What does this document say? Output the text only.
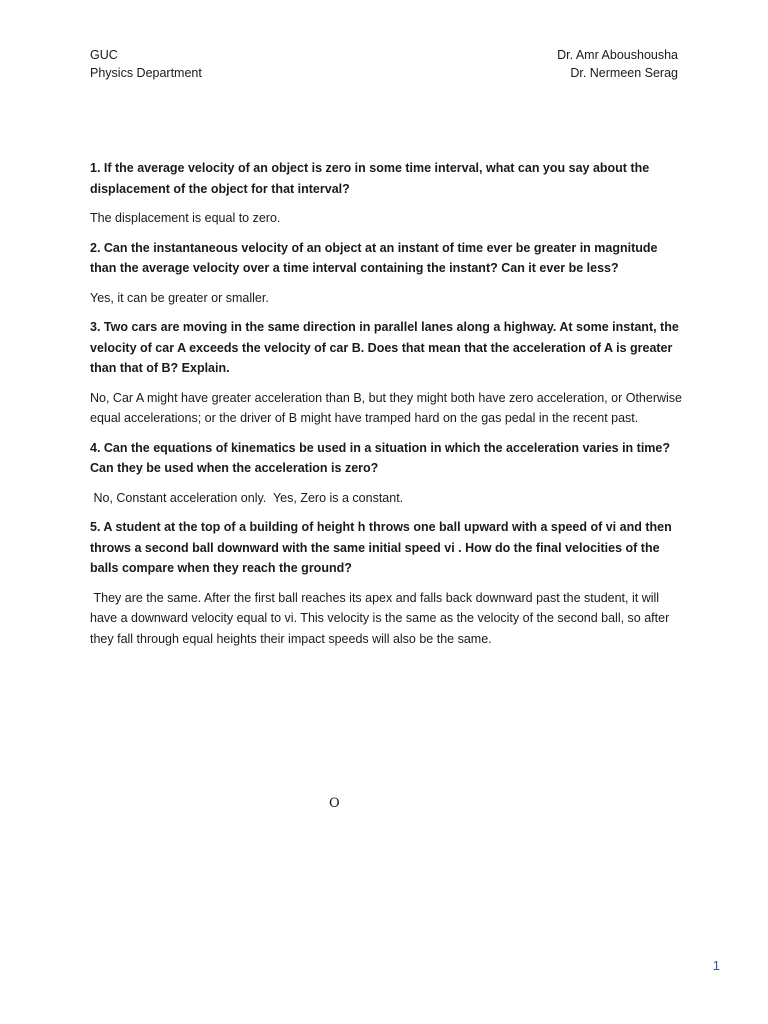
GUC
Physics Department
Dr. Amr Aboushousha
Dr. Nermeen Serag

1. If the average velocity of an object is zero in some time interval, what can you say about the displacement of the object for that interval?

The displacement is equal to zero.

2. Can the instantaneous velocity of an object at an instant of time ever be greater in magnitude than the average velocity over a time interval containing the instant? Can it ever be less?

Yes, it can be greater or smaller.

3. Two cars are moving in the same direction in parallel lanes along a highway. At some instant, the velocity of car A exceeds the velocity of car B. Does that mean that the acceleration of A is greater than that of B? Explain.

No, Car A might have greater acceleration than B, but they might both have zero acceleration, or Otherwise equal accelerations; or the driver of B might have tramped hard on the gas pedal in the recent past.

4. Can the equations of kinematics be used in a situation in which the acceleration varies in time? Can they be used when the acceleration is zero?

No, Constant acceleration only.  Yes, Zero is a constant.

5. A student at the top of a building of height h throws one ball upward with a speed of vi and then throws a second ball downward with the same initial speed vi . How do the final velocities of the balls compare when they reach the ground?

They are the same. After the first ball reaches its apex and falls back downward past the student, it will have a downward velocity equal to vi. This velocity is the same as the velocity of the second ball, so after they fall through equal heights their impact speeds will also be the same.

O
1
